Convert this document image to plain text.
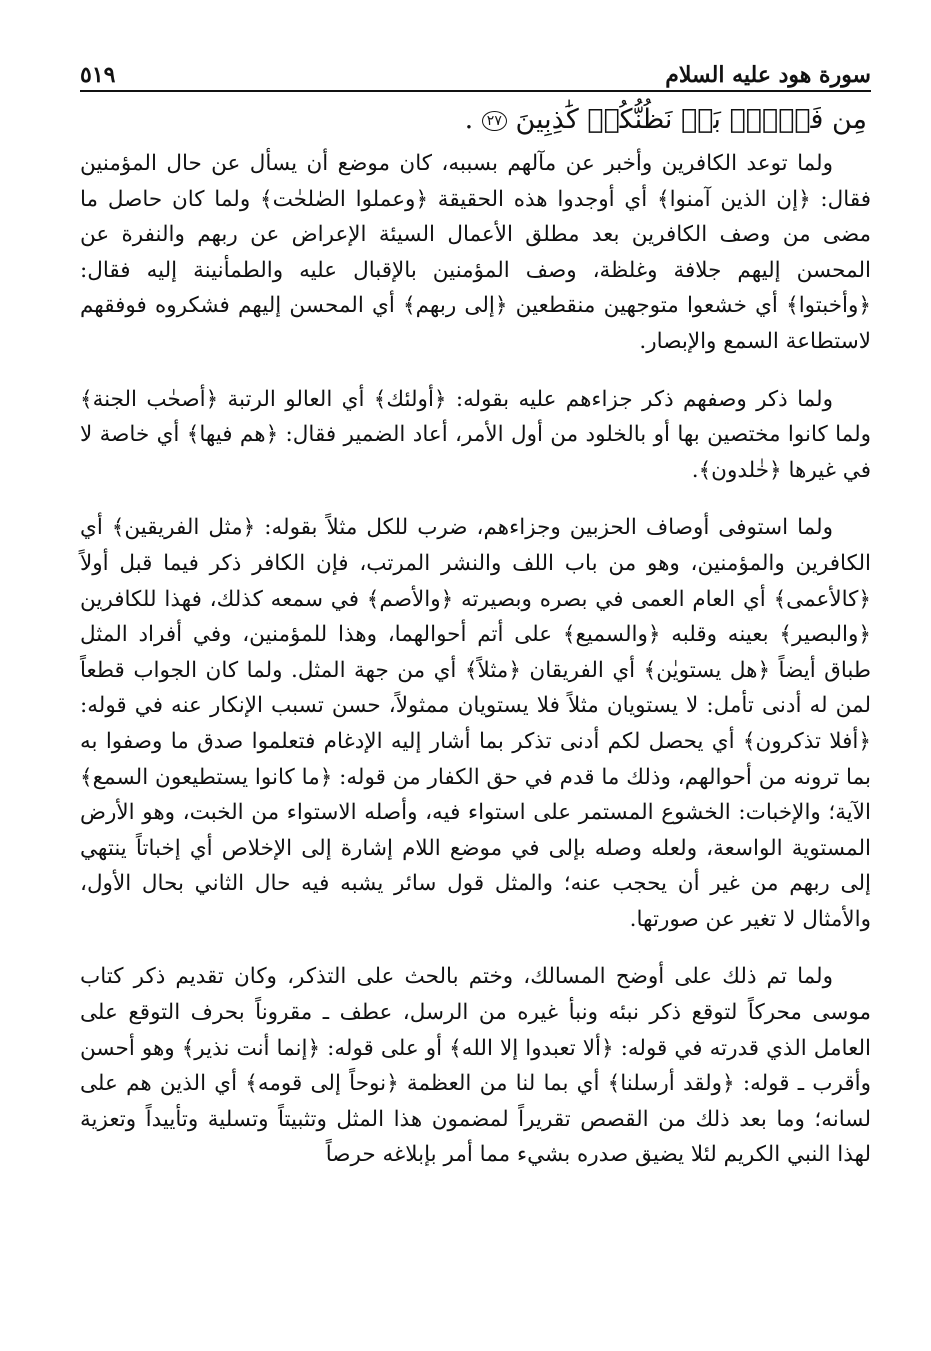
٥١٩	سورة هود عليه السلام

مِن فَضۡلِۭ بَلۡ نَظُنُّكُمۡ كَٰذِبِينَ ٢٧ .

ولما توعد الكافرين وأخبر عن مآلهم بسببه، كان موضع أن يسأل عن حال المؤمنين فقال: ﴿إن الذين آمنوا﴾ أي أوجدوا هذه الحقيقة ﴿وعملوا الصٰلحٰت﴾ ولما كان حاصل ما مضى من وصف الكافرين بعد مطلق الأعمال السيئة الإعراض عن ربهم والنفرة عن المحسن إليهم جلافة وغلظة، وصف المؤمنين بالإقبال عليه والطمأنينة إليه فقال: ﴿وأخبتوا﴾ أي خشعوا متوجهين منقطعين ﴿إلى ربهم﴾ أي المحسن إليهم فشكروه فوفقهم لاستطاعة السمع والإبصار.

ولما ذكر وصفهم ذكر جزاءهم عليه بقوله: ﴿أولئك﴾ أي العالو الرتبة ﴿أصحٰب الجنة﴾ ولما كانوا مختصين بها أو بالخلود من أول الأمر، أعاد الضمير فقال: ﴿هم فيها﴾ أي خاصة لا في غيرها ﴿خٰلدون﴾.

ولما استوفى أوصاف الحزبين وجزاءهم، ضرب للكل مثلاً بقوله: ﴿مثل الفريقين﴾ أي الكافرين والمؤمنين، وهو من باب اللف والنشر المرتب، فإن الكافر ذكر فيما قبل أولاً ﴿كالأعمى﴾ أي العام العمى في بصره وبصيرته ﴿والأصم﴾ في سمعه كذلك، فهذا للكافرين ﴿والبصير﴾ بعينه وقلبه ﴿والسميع﴾ على أتم أحوالهما، وهذا للمؤمنين، وفي أفراد المثل طباق أيضاً ﴿هل يستويٰن﴾ أي الفريقان ﴿مثلاً﴾ أي من جهة المثل. ولما كان الجواب قطعاً لمن له أدنى تأمل: لا يستويان مثلاً فلا يستويان ممثولاً، حسن تسبب الإنكار عنه في قوله: ﴿أفلا تذكرون﴾ أي يحصل لكم أدنى تذكر بما أشار إليه الإدغام فتعلموا صدق ما وصفوا به بما ترونه من أحوالهم، وذلك ما قدم في حق الكفار من قوله: ﴿ما كانوا يستطيعون السمع﴾ الآية؛ والإخبات: الخشوع المستمر على استواء فيه، وأصله الاستواء من الخبت، وهو الأرض المستوية الواسعة، ولعله وصله بإلى في موضع اللام إشارة إلى الإخلاص أي إخباتاً ينتهي إلى ربهم من غير أن يحجب عنه؛ والمثل قول سائر يشبه فيه حال الثاني بحال الأول، والأمثال لا تغير عن صورتها.

ولما تم ذلك على أوضح المسالك، وختم بالحث على التذكر، وكان تقديم ذكر كتاب موسى محركاً لتوقع ذكر نبئه ونبأ غيره من الرسل، عطف ـ مقروناً بحرف التوقع على العامل الذي قدرته في قوله: ﴿ألا تعبدوا إلا الله﴾ أو على قوله: ﴿إنما أنت نذير﴾ وهو أحسن وأقرب ـ قوله: ﴿ولقد أرسلنا﴾ أي بما لنا من العظمة ﴿نوحاً إلى قومه﴾ أي الذين هم على لسانه؛ وما بعد ذلك من القصص تقريراً لمضمون هذا المثل وتثبيتاً وتسلية وتأييداً وتعزية لهذا النبي الكريم لئلا يضيق صدره بشيء مما أمر بإبلاغه حرصاً
